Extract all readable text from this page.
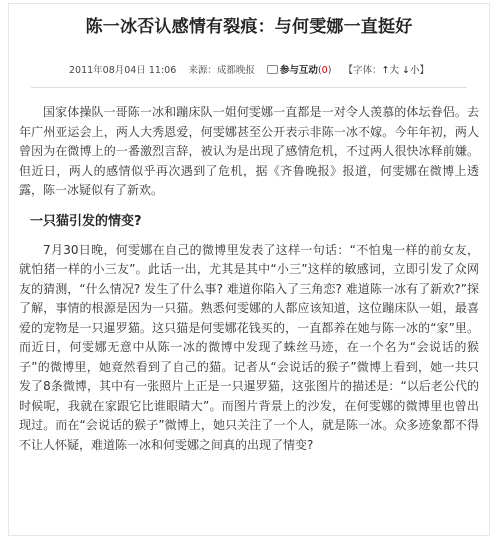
陈一冰否认感情有裂痕：与何雯娜一直挺好
2011年08月04日 11:06 来源：成都晚报	参与互动(0) 【字体：↑大 ↓小】

国家体操队一哥陈一冰和蹦床队一姐何雯娜一直都是一对令人羡慕的体坛眷侣。去年广州亚运会上，两人大秀恩爱，何雯娜甚至公开表示非陈一冰不嫁。今年年初，两人曾因为在微博上的一番激烈言辞，被认为是出现了感情危机，不过两人很快冰释前嫌。但近日，两人的感情似乎再次遇到了危机，据《齐鲁晚报》报道，何雯娜在微博上透露，陈一冰疑似有了新欢。

一只猫引发的情变?

7月30日晚，何雯娜在自己的微博里发表了这样一句话：“不怕鬼一样的前女友，就怕猪一样的小三友”。此话一出，尤其是其中“小三”这样的敏感词，立即引发了众网友的猜测，“什么情况? 发生了什么事? 难道你陷入了三角恋? 难道陈一冰有了新欢?”探了解，事情的根源是因为一只猫。熟悉何雯娜的人都应该知道，这位蹦床队一姐，最喜爱的宠物是一只暹罗猫。这只猫是何雯娜花钱买的，一直都养在她与陈一冰的“家”里。而近日，何雯娜无意中从陈一冰的微博中发现了蛛丝马迹，在一个名为“会说话的猴子”的微博里，她竟然看到了自己的猫。记者从“会说话的猴子”微博上看到，她一共只发了8条微博，其中有一张照片上正是一只暹罗猫，这张图片的描述是：“以后老公代的时候呢，我就在家跟它比谁眼睛大”。而图片背景上的沙发，在何雯娜的微博里也曾出现过。而在“会说话的猴子”微博上，她只关注了一个人，就是陈一冰。众多迹象都不得不让人怀疑，难道陈一冰和何雯娜之间真的出现了情变?
